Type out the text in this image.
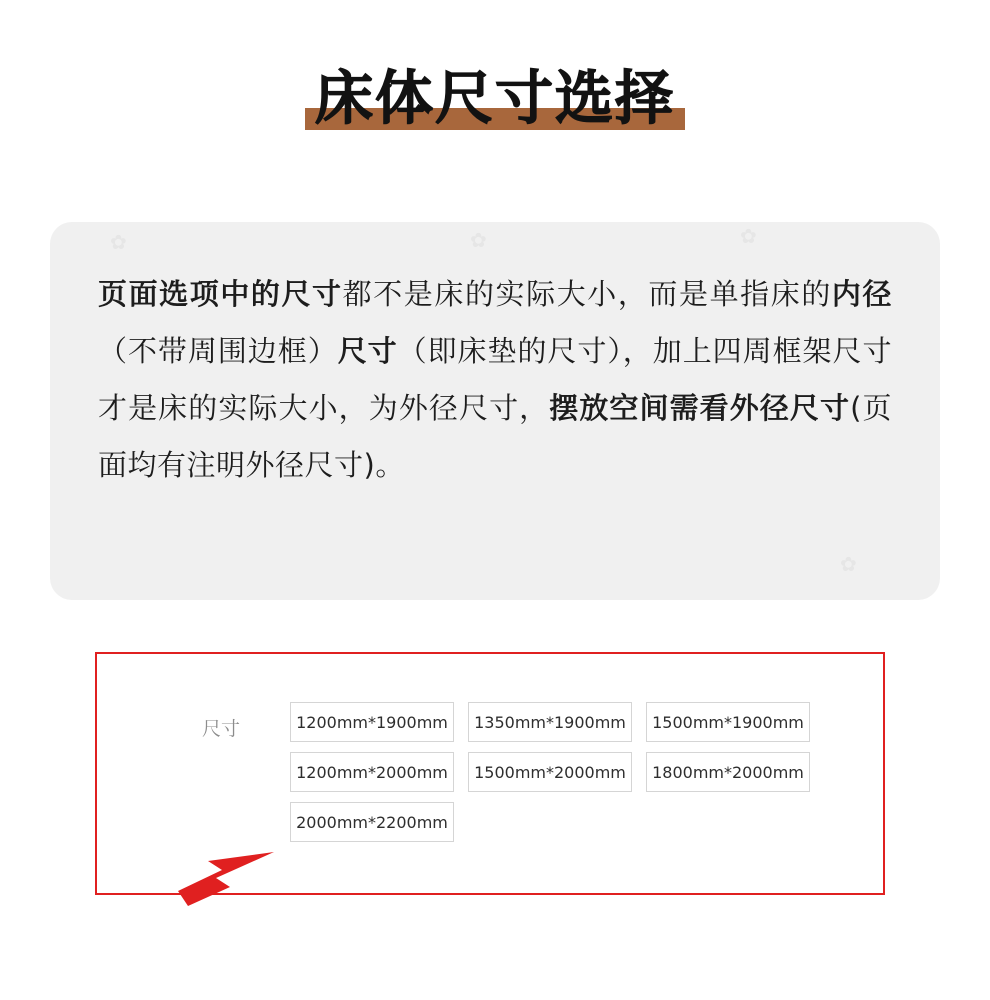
床体尺寸选择
✿	✿	✿
✿
页面选项中的尺寸都不是床的实际大小，而是单指床的内径（不带周围边框）尺寸（即床垫的尺寸），加上四周框架尺寸才是床的实际大小，为外径尺寸，摆放空间需看外径尺寸(页面均有注明外径尺寸)。
尺寸	1200mm*1900mm	1350mm*1900mm	1500mm*1900mm
1200mm*2000mm	1500mm*2000mm	1800mm*2000mm
2000mm*2200mm
